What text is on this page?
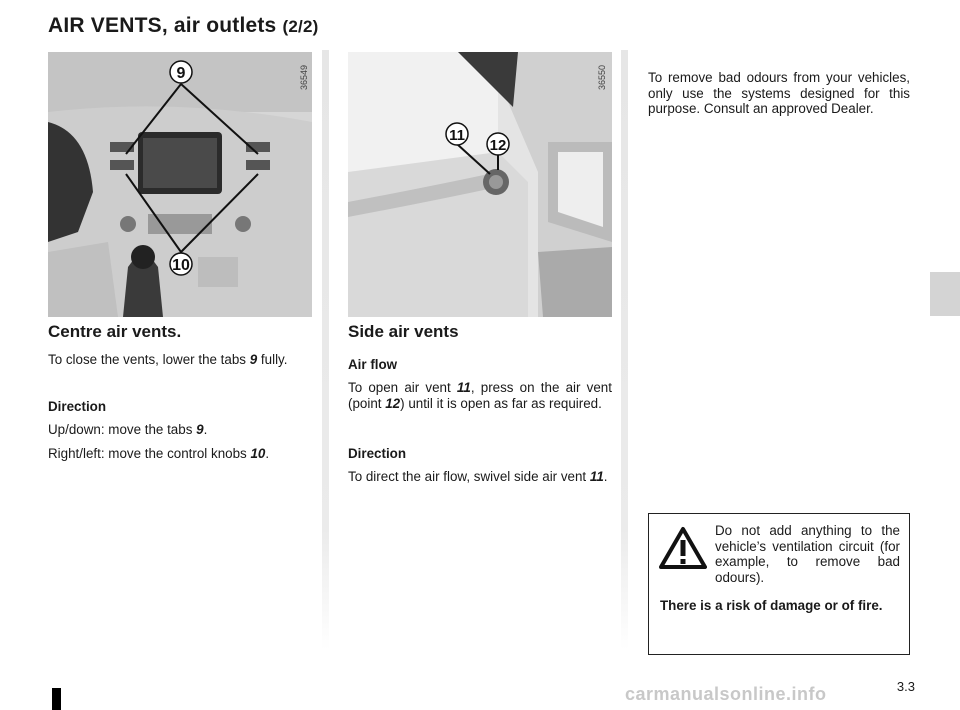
AIR VENTS, air outlets (2/2)
9
10
36549
11
12
36550
Centre air vents.
To close the vents, lower the tabs 9 fully.
Direction
Up/down: move the tabs 9.
Right/left: move the control knobs 10.
Side air vents
Air flow
To open air vent 11, press on the air vent (point 12) until it is open as far as required.
Direction
To direct the air flow, swivel side air vent 11.
To remove bad odours from your vehicles, only use the systems designed for this purpose. Consult an approved Dealer.
Do not add anything to the vehicle’s ventilation circuit (for example, to remove bad odours).
There is a risk of damage or of fire.
3.3
carmanualsonline.info
